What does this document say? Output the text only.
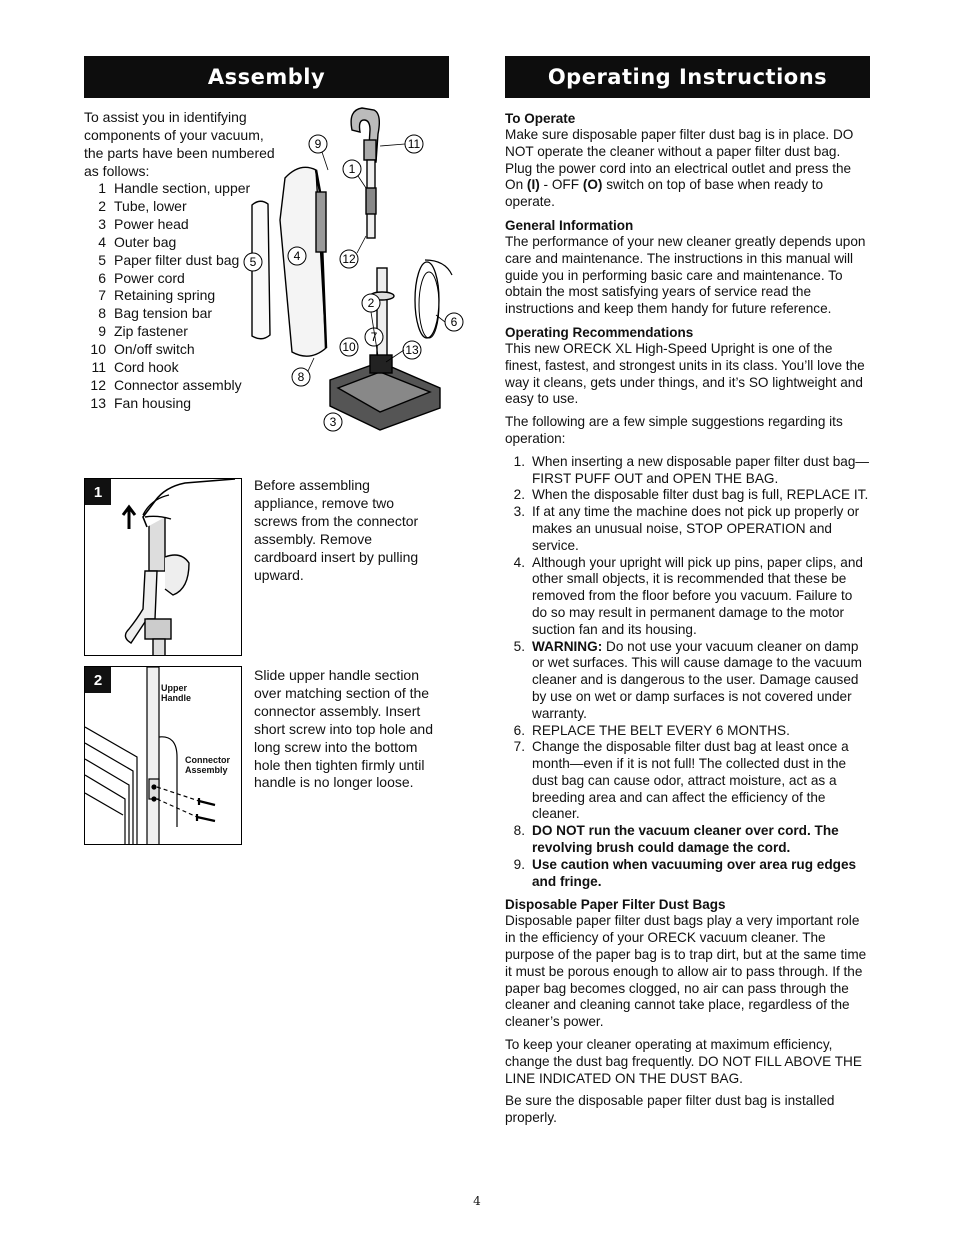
Assembly
To assist you in identifying components of your vacuum, the parts have been numbered as follows:
1 Handle section, upper
2 Tube, lower
3 Power head
4 Outer bag
5 Paper filter dust bag
6 Power cord
7 Retaining spring
8 Bag tension bar
9 Zip fastener
10 On/off switch
11 Cord hook
12 Connector assembly
13 Fan housing
9	11
1
5	4	12
2
6
7
10	13
8
3
1	Before assembling appliance, remove two screws from the connector assembly. Remove cardboard insert by pulling upward.
2	Upper
Handle
Connector
Assembly
Slide upper handle section over matching section of the connector assembly. Insert short screw into top hole and long screw into the bottom hole then tighten firmly until handle is no longer loose.
Operating Instructions
To Operate
Make sure disposable paper filter dust bag is in place. DO NOT operate the cleaner without a paper filter dust bag. Plug the power cord into an electrical outlet and press the On (I) - OFF (O) switch on top of base when ready to operate.
General Information
The performance of your new cleaner greatly depends upon care and maintenance. The instructions in this manual will guide you in performing basic care and maintenance. To obtain the most satisfying years of service read the instructions and keep them handy for future reference.
Operating Recommendations
This new ORECK XL High-Speed Upright is one of the finest, fastest, and strongest units in its class. You’ll love the way it cleans, gets under things, and it’s SO lightweight and easy to use.
The following are a few simple suggestions regarding its operation:
1. When inserting a new disposable paper filter dust bag—FIRST PUFF OUT and OPEN THE BAG.
2. When the disposable filter dust bag is full, REPLACE IT.
3. If at any time the machine does not pick up properly or makes an unusual noise, STOP OPERATION and service.
4. Although your upright will pick up pins, paper clips, and other small objects, it is recommended that these be removed from the floor before you vacuum. Failure to do so may result in permanent damage to the motor suction fan and its housing.
5. WARNING: Do not use your vacuum cleaner on damp or wet surfaces. This will cause damage to the vacuum cleaner and is dangerous to the user. Damage caused by use on wet or damp surfaces is not covered under warranty.
6. REPLACE THE BELT EVERY 6 MONTHS.
7. Change the disposable filter dust bag at least once a month—even if it is not full! The collected dust in the dust bag can cause odor, attract moisture, act as a breeding area and can affect the efficiency of the cleaner.
8. DO NOT run the vacuum cleaner over cord. The revolving brush could damage the cord.
9. Use caution when vacuuming over area rug edges and fringe.
Disposable Paper Filter Dust Bags
Disposable paper filter dust bags play a very important role in the efficiency of your ORECK vacuum cleaner. The purpose of the paper bag is to trap dirt, but at the same time it must be porous enough to allow air to pass through. If the paper bag becomes clogged, no air can pass through the cleaner and cleaning cannot take place, regardless of the cleaner’s power.
To keep your cleaner operating at maximum efficiency, change the dust bag frequently. DO NOT FILL ABOVE THE LINE INDICATED ON THE DUST BAG.
Be sure the disposable paper filter dust bag is installed properly.
4
